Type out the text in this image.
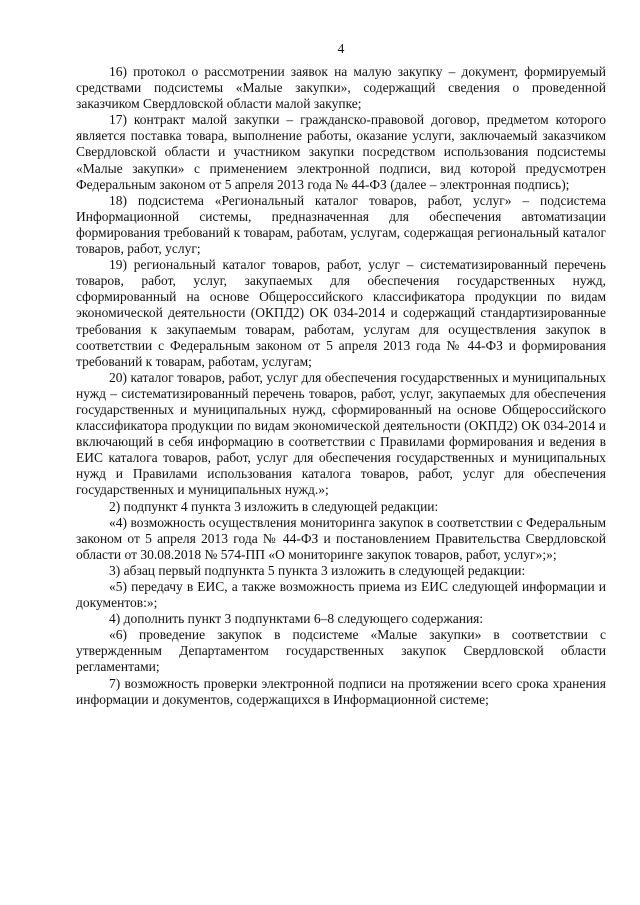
4

16) протокол о рассмотрении заявок на малую закупку – документ, формируемый средствами подсистемы «Малые закупки», содержащий сведения о проведенной заказчиком Свердловской области малой закупке;

17) контракт малой закупки – гражданско-правовой договор, предметом которого является поставка товара, выполнение работы, оказание услуги, заключаемый заказчиком Свердловской области и участником закупки посредством использования подсистемы «Малые закупки» с применением электронной подписи, вид которой предусмотрен Федеральным законом от 5 апреля 2013 года № 44-ФЗ (далее – электронная подпись);

18) подсистема «Региональный каталог товаров, работ, услуг» – подсистема Информационной системы, предназначенная для обеспечения автоматизации формирования требований к товарам, работам, услугам, содержащая региональный каталог товаров, работ, услуг;

19) региональный каталог товаров, работ, услуг – систематизированный перечень товаров, работ, услуг, закупаемых для обеспечения государственных нужд, сформированный на основе Общероссийского классификатора продукции по видам экономической деятельности (ОКПД2) ОК 034-2014 и содержащий стандартизированные требования к закупаемым товарам, работам, услугам для осуществления закупок в соответствии с Федеральным законом от 5 апреля 2013 года № 44-ФЗ и формирования требований к товарам, работам, услугам;

20) каталог товаров, работ, услуг для обеспечения государственных и муниципальных нужд – систематизированный перечень товаров, работ, услуг, закупаемых для обеспечения государственных и муниципальных нужд, сформированный на основе Общероссийского классификатора продукции по видам экономической деятельности (ОКПД2) ОК 034-2014 и включающий в себя информацию в соответствии с Правилами формирования и ведения в ЕИС каталога товаров, работ, услуг для обеспечения государственных и муниципальных нужд и Правилами использования каталога товаров, работ, услуг для обеспечения государственных и муниципальных нужд.»;

2) подпункт 4 пункта 3 изложить в следующей редакции:

«4) возможность осуществления мониторинга закупок в соответствии с Федеральным законом от 5 апреля 2013 года № 44-ФЗ и постановлением Правительства Свердловской области от 30.08.2018 № 574-ПП «О мониторинге закупок товаров, работ, услуг»;»;

3) абзац первый подпункта 5 пункта 3 изложить в следующей редакции:

«5) передачу в ЕИС, а также возможность приема из ЕИС следующей информации и документов:»;

4) дополнить пункт 3 подпунктами 6–8 следующего содержания:

«6) проведение закупок в подсистеме «Малые закупки» в соответствии с утвержденным Департаментом государственных закупок Свердловской области регламентами;

7) возможность проверки электронной подписи на протяжении всего срока хранения информации и документов, содержащихся в Информационной системе;
